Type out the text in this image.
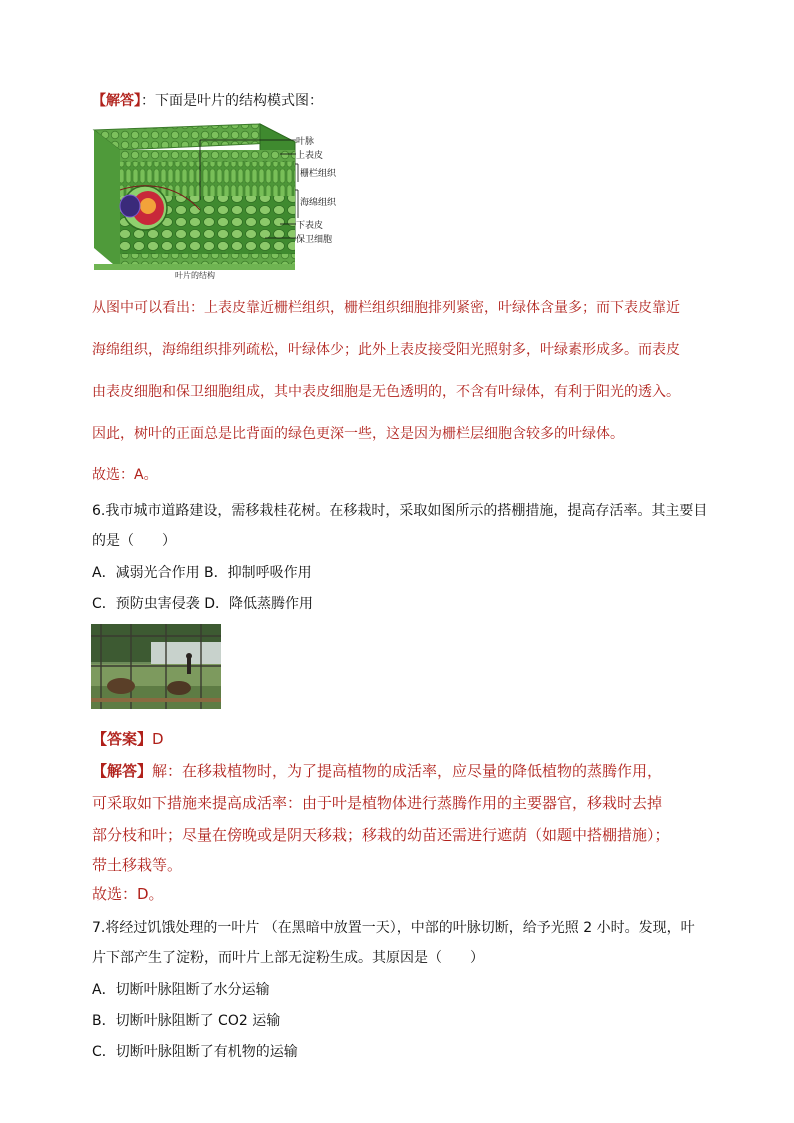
【解答】：下面是叶片的结构模式图：
叶脉
上表皮
栅栏组织
海绵组织
下表皮
保卫细胞
叶片的结构
从图中可以看出：上表皮靠近栅栏组织，栅栏组织细胞排列紧密，叶绿体含量多；而下表皮靠近
海绵组织，海绵组织排列疏松，叶绿体少；此外上表皮接受阳光照射多，叶绿素形成多。而表皮
由表皮细胞和保卫细胞组成，其中表皮细胞是无色透明的，不含有叶绿体，有利于阳光的透入。
因此，树叶的正面总是比背面的绿色更深一些，这是因为栅栏层细胞含较多的叶绿体。
故选：A。
6.我市城市道路建设，需移栽桂花树。在移栽时，采取如图所示的搭棚措施，提高存活率。其主要目
的是（　　）
A．减弱光合作用 B．抑制呼吸作用
C．预防虫害侵袭 D．降低蒸腾作用
【答案】D
【解答】解：在移栽植物时，为了提高植物的成活率，应尽量的降低植物的蒸腾作用，
可采取如下措施来提高成活率：由于叶是植物体进行蒸腾作用的主要器官，移栽时去掉
部分枝和叶；尽量在傍晚或是阴天移栽；移栽的幼苗还需进行遮荫（如题中搭棚措施）；
带土移栽等。
故选：D。
7.将经过饥饿处理的一叶片 （在黑暗中放置一天），中部的叶脉切断，给予光照 2 小时。发现，叶
片下部产生了淀粉，而叶片上部无淀粉生成。其原因是（　　）
A．切断叶脉阻断了水分运输
B．切断叶脉阻断了 CO2 运输
C．切断叶脉阻断了有机物的运输
